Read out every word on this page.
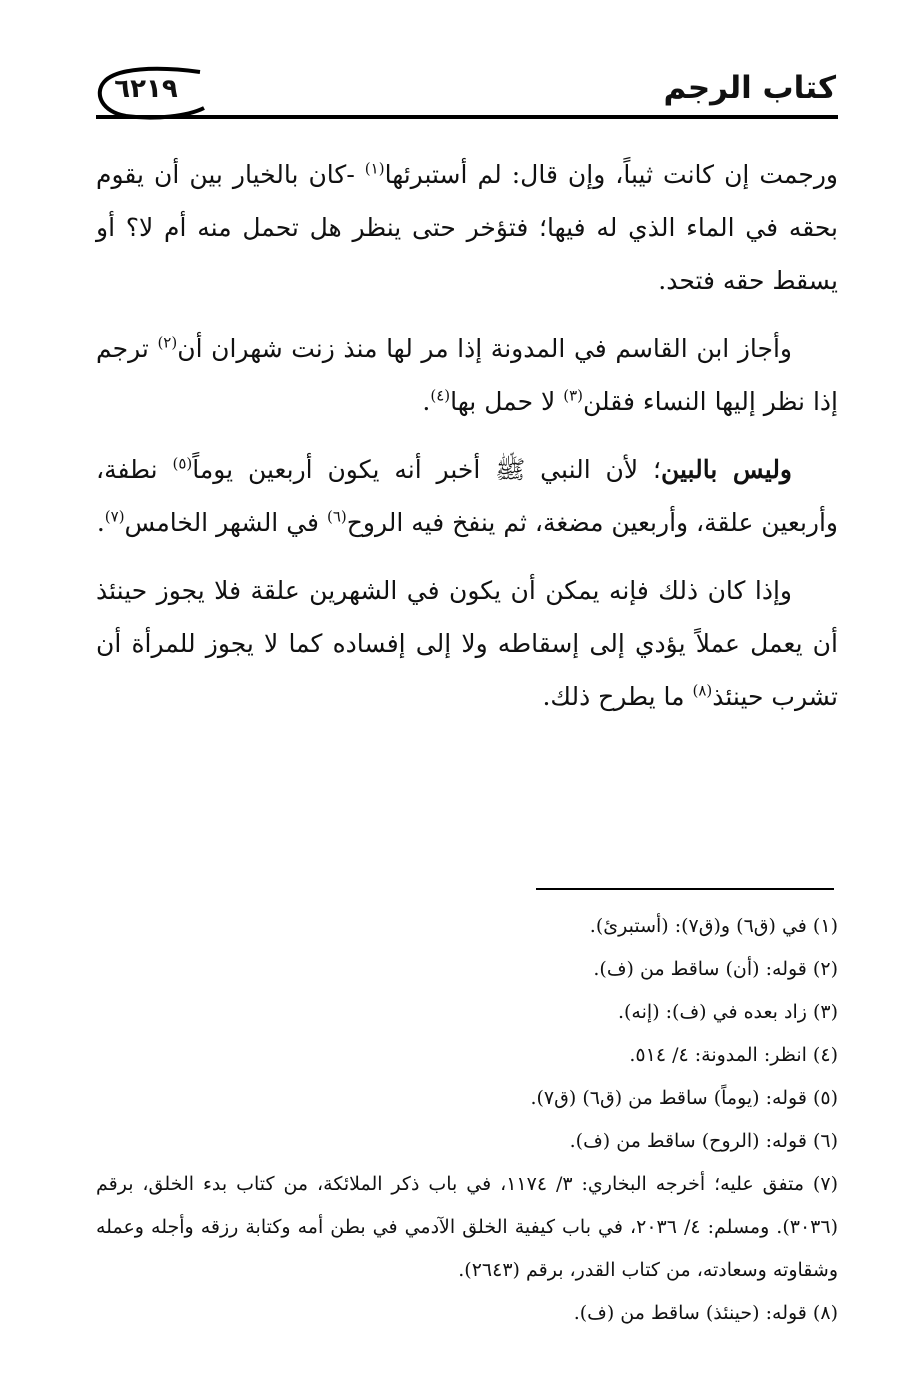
كتاب الرجم
٦٢١٩

ورجمت إن كانت ثيباً، وإن قال: لم أستبرئها$^{(١)}$ -كان بالخيار بين أن يقوم بحقه في الماء الذي له فيها؛ فتؤخر حتى ينظر هل تحمل منه أم لا؟ أو يسقط حقه فتحد.

وأجاز ابن القاسم في المدونة إذا مر لها منذ زنت شهران أن$^{(٢)}$ ترجم إذا نظر إليها النساء فقلن$^{(٣)}$ لا حمل بها$^{(٤)}$.

وليس بالبين؛ لأن النبي ﷺ أخبر أنه يكون أربعين يوماً$^{(٥)}$ نطفة، وأربعين علقة، وأربعين مضغة، ثم ينفخ فيه الروح$^{(٦)}$ في الشهر الخامس$^{(٧)}$.

وإذا كان ذلك فإنه يمكن أن يكون في الشهرين علقة فلا يجوز حينئذ أن يعمل عملاً يؤدي إلى إسقاطه ولا إلى إفساده كما لا يجوز للمرأة أن تشرب حينئذ$^{(٨)}$ ما يطرح ذلك.

(١) في (ق٦) و(ق٧): (أستبرئ).

(٢) قوله: (أن) ساقط من (ف).

(٣) زاد بعده في (ف): (إنه).

(٤) انظر: المدونة: ٤/ ٥١٤.

(٥) قوله: (يوماً) ساقط من (ق٦) (ق٧).

(٦) قوله: (الروح) ساقط من (ف).

(٧) متفق عليه؛ أخرجه البخاري: ٣/ ١١٧٤، في باب ذكر الملائكة، من كتاب بدء الخلق، برقم (٣٠٣٦). ومسلم: ٤/ ٢٠٣٦، في باب كيفية الخلق الآدمي في بطن أمه وكتابة رزقه وأجله وعمله وشقاوته وسعادته، من كتاب القدر، برقم (٢٦٤٣).

(٨) قوله: (حينئذ) ساقط من (ف).
